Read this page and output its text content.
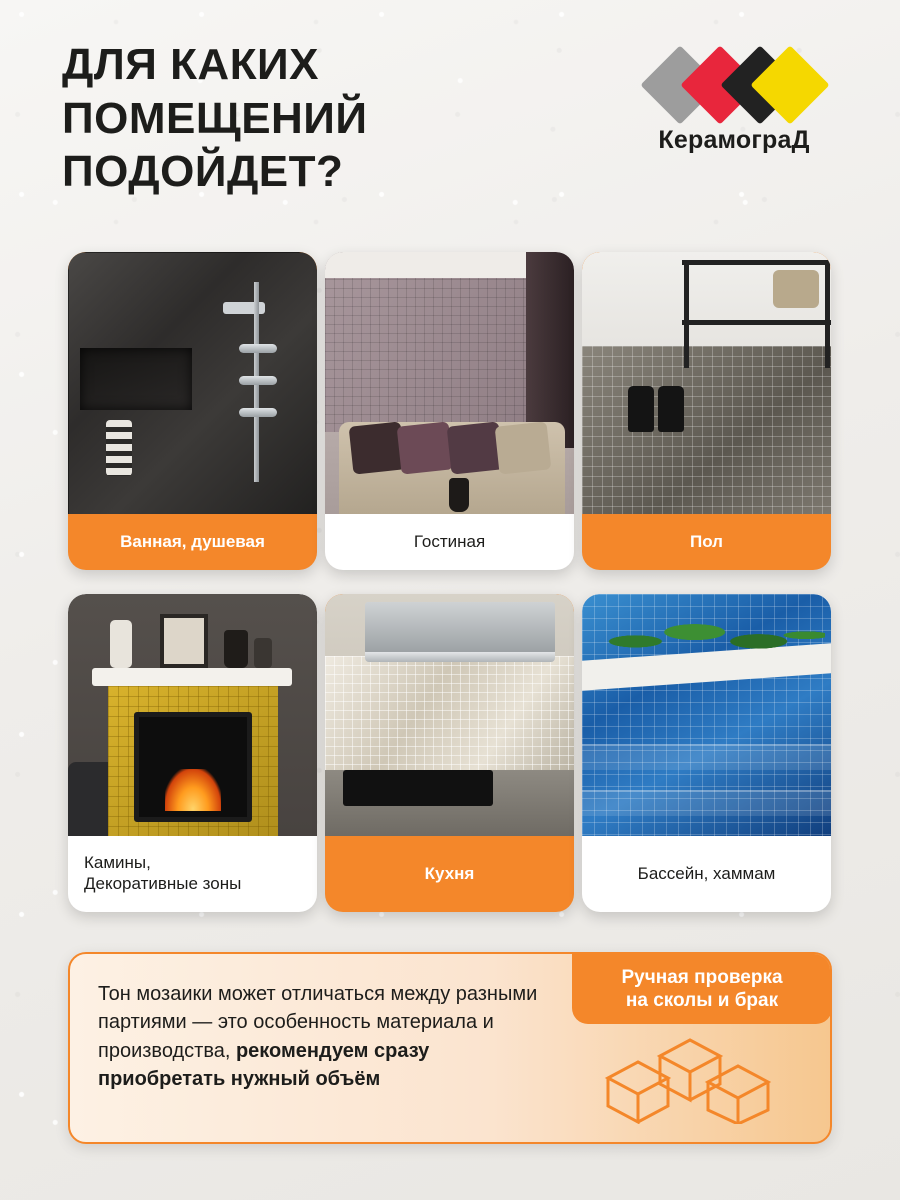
ДЛЯ КАКИХ ПОМЕЩЕНИЙ ПОДОЙДЕТ?
КерамограД
Ванная, душевая	Гостиная	Пол
Камины,
Декоративные зоны
Кухня	Бассейн, хаммам
Тон мозаики может отличаться между разными партиями — это особенность материала и производства, рекомендуем сразу приобретать нужный объём
Ручная проверка
на сколы и брак
